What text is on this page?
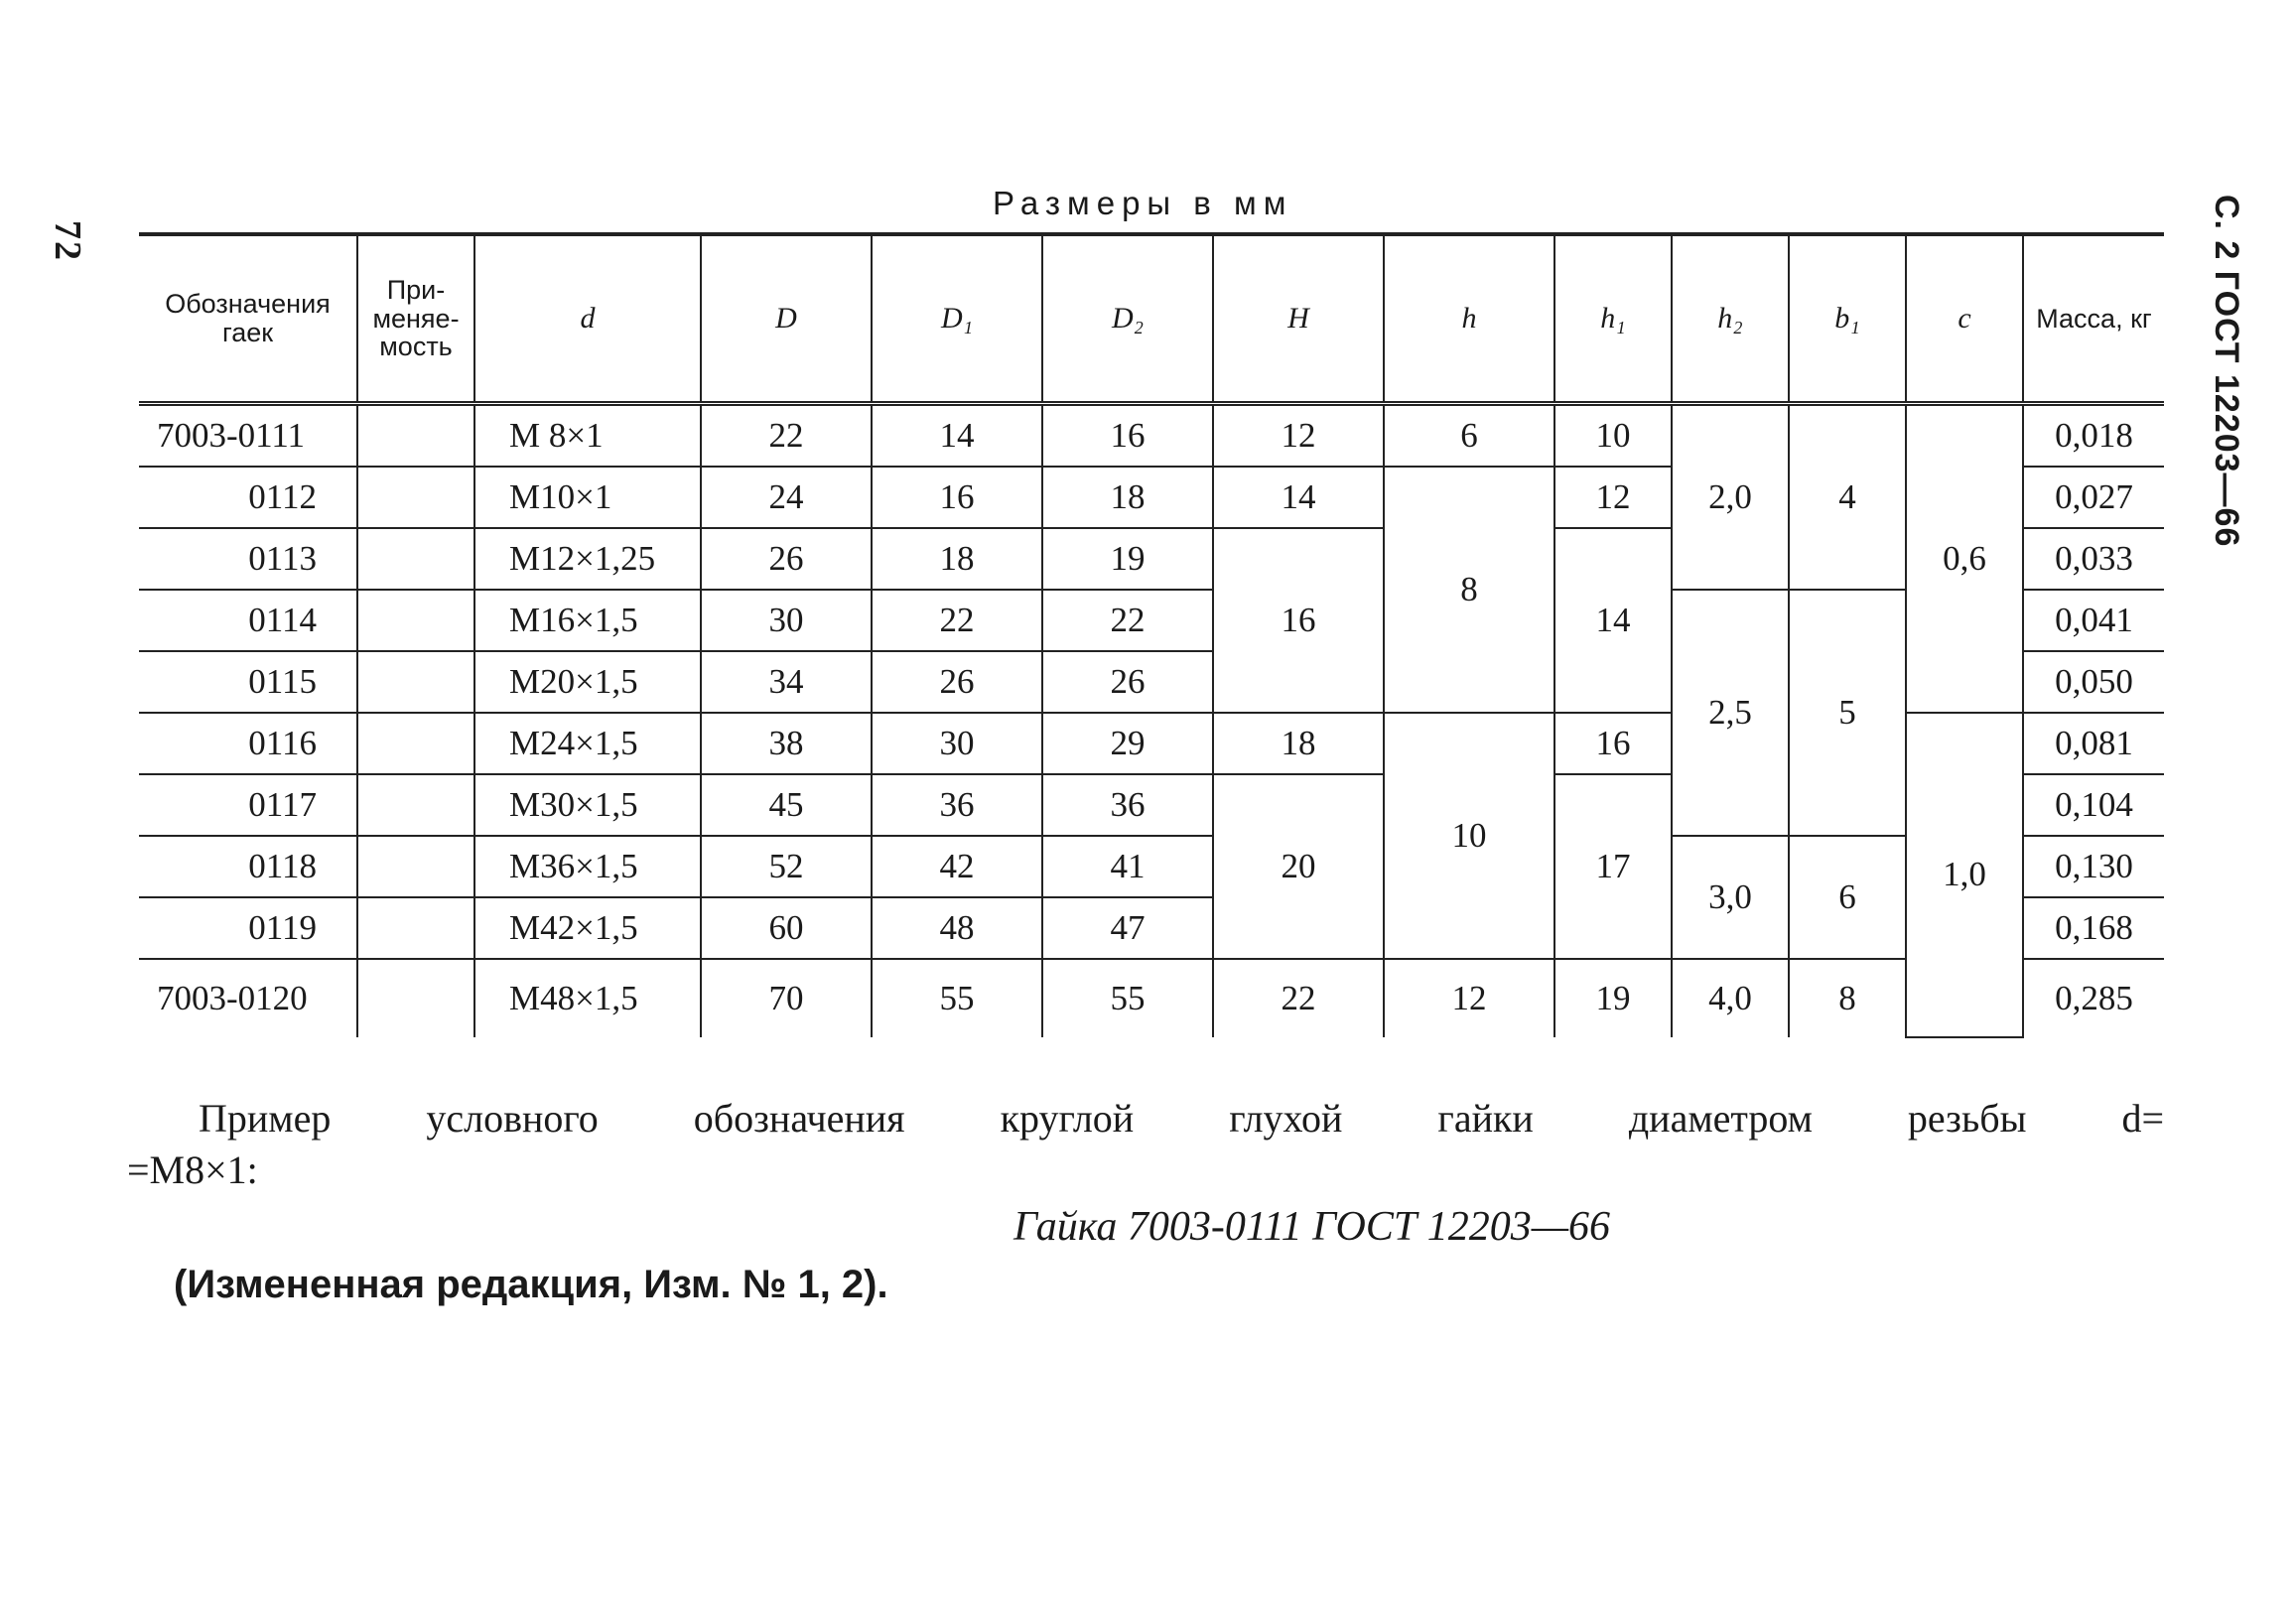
72	С. 2 ГОСТ 12203—66
Размеры в мм
Обозначения гаек	При-меняе-мость	d	D	D₁	D₂	H	h	h₁	h₂	b₁	c	Масса, кг
7003-0111		М 8×1	22	14	16	12	6	10	2,0	4	0,6	0,018
0112		М10×1	24	16	18	14	8	12				0,027
0113		М12×1,25	26	18	19	16		14				0,033
0114		М16×1,5	30	22	22				2,5	5		0,041
0115		М20×1,5	34	26	26							0,050
0116		М24×1,5	38	30	29	18	10	16			1,0	0,081
0117		М30×1,5	45	36	36	20		17				0,104
0118		М36×1,5	52	42	41				3,0	6		0,130
0119		М42×1,5	60	48	47							0,168
7003-0120		М48×1,5	70	55	55	22	12	19	4,0	8		0,285
Пример условного обозначения круглой глухой гайки диаметром резьбы d=
=М8×1:
Гайка 7003-0111 ГОСТ 12203—66
(Измененная редакция, Изм. № 1, 2).
